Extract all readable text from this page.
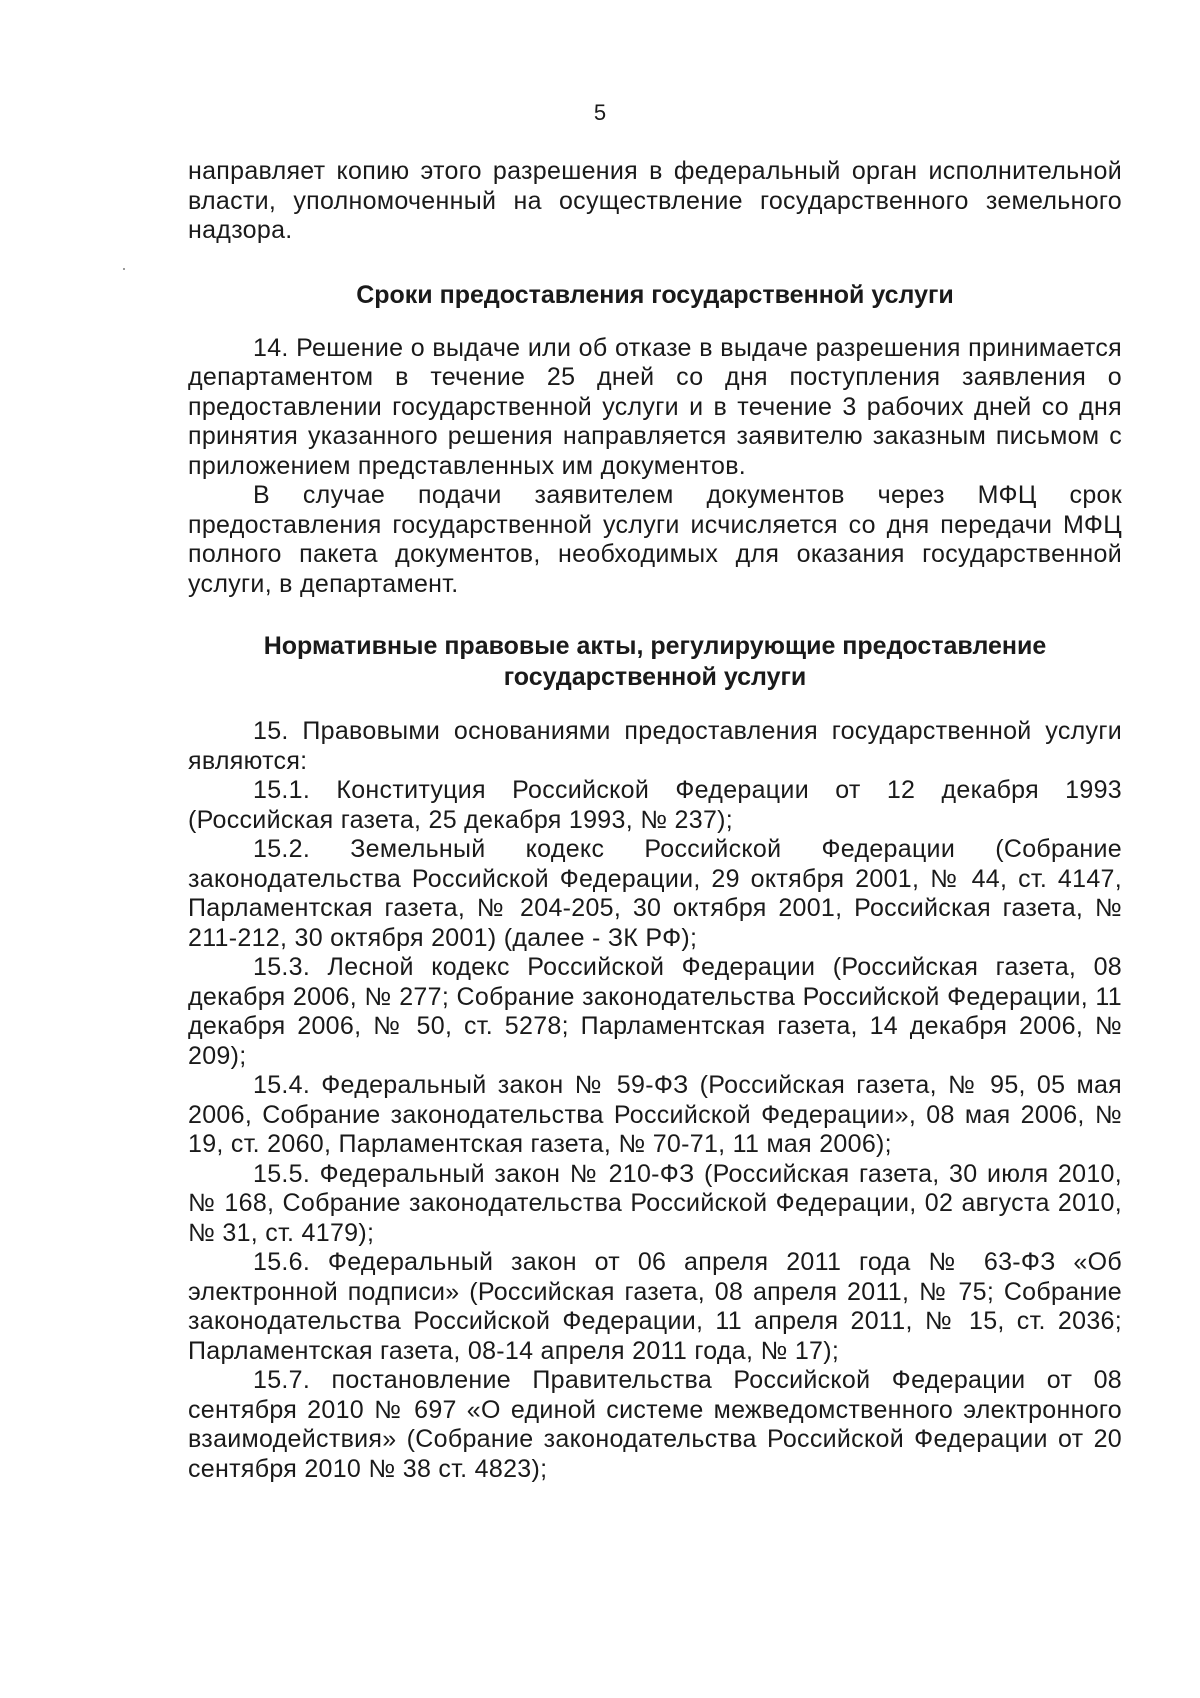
5

направляет копию этого разрешения в федеральный орган исполнительной власти, уполномоченный на осуществление государственного земельного надзора.

Сроки предоставления государственной услуги

14. Решение о выдаче или об отказе в выдаче разрешения принимается департаментом в течение 25 дней со дня поступления заявления о предоставлении государственной услуги и в течение 3 рабочих дней со дня принятия указанного решения направляется заявителю заказным письмом с приложением представленных им документов.

В случае подачи заявителем документов через МФЦ срок предоставления государственной услуги исчисляется со дня передачи МФЦ полного пакета документов, необходимых для оказания государственной услуги, в департамент.

Нормативные правовые акты, регулирующие предоставление
государственной услуги

15. Правовыми основаниями предоставления государственной услуги являются:

15.1. Конституция Российской Федерации от 12 декабря 1993 (Российская газета, 25 декабря 1993, № 237);

15.2. Земельный кодекс Российской Федерации (Собрание законодательства Российской Федерации, 29 октября 2001, № 44, ст. 4147, Парламентская газета, № 204-205, 30 октября 2001, Российская газета, № 211-212, 30 октября 2001) (далее - ЗК РФ);

15.3. Лесной кодекс Российской Федерации (Российская газета, 08 декабря 2006, № 277; Собрание законодательства Российской Федерации, 11 декабря 2006, № 50, ст. 5278; Парламентская газета, 14 декабря 2006, № 209);

15.4. Федеральный закон № 59-ФЗ (Российская газета, № 95, 05 мая 2006, Собрание законодательства Российской Федерации», 08 мая 2006, № 19, ст. 2060, Парламентская газета, № 70-71, 11 мая 2006);

15.5. Федеральный закон № 210-ФЗ (Российская газета, 30 июля 2010, № 168, Собрание законодательства Российской Федерации, 02 августа 2010, № 31, ст. 4179);

15.6. Федеральный закон от 06 апреля 2011 года № 63-ФЗ «Об электронной подписи» (Российская газета, 08 апреля 2011, № 75; Собрание законодательства Российской Федерации, 11 апреля 2011, № 15, ст. 2036; Парламентская газета, 08-14 апреля 2011 года, № 17);

15.7. постановление Правительства Российской Федерации от 08 сентября 2010 № 697 «О единой системе межведомственного электронного взаимодействия» (Собрание законодательства Российской Федерации от 20 сентября 2010 № 38 ст. 4823);
